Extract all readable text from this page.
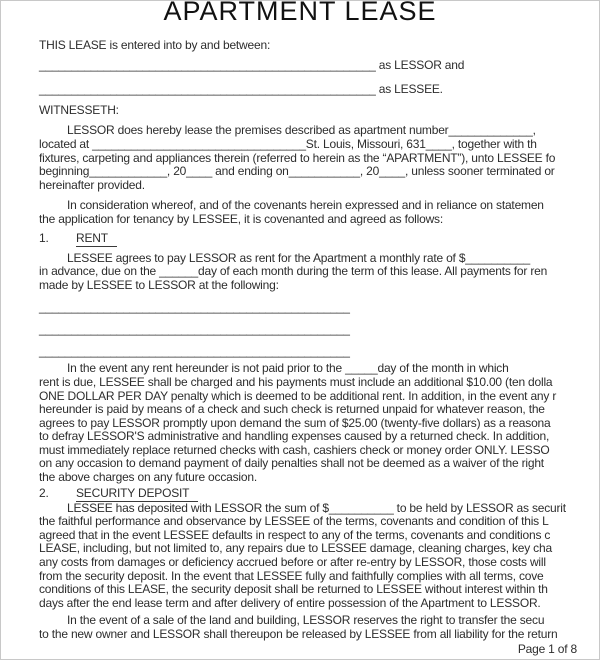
APARTMENT LEASE
THIS LEASE is entered into by and between:
____________________________________________________ as LESSOR and
____________________________________________________ as LESSEE.
WITNESSETH:
LESSOR does hereby lease the premises described as apartment number_____________,
located at _________________________________St. Louis, Missouri, 631____, together with th
fixtures, carpeting and appliances therein (referred to herein as the “APARTMENT”), unto LESSEE fo
beginning____________, 20____ and ending on___________, 20____, unless sooner terminated or
hereinafter provided.
In consideration whereof, and of the covenants herein expressed and in reliance on statemen
the application for tenancy by LESSEE, it is covenanted and agreed as follows:
1. RENT
LESSEE agrees to pay LESSOR as rent for the Apartment a monthly rate of $__________
in advance, due on the ______day of each month during the term of this lease. All payments for ren
made by LESSEE to LESSOR at the following:
________________________________________________
________________________________________________
________________________________________________
In the event any rent hereunder is not paid prior to the _____day of the month in which
rent is due, LESSEE shall be charged and his payments must include an additional $10.00 (ten dolla
ONE DOLLAR PER DAY penalty which is deemed to be additional rent. In addition, in the event any r
hereunder is paid by means of a check and such check is returned unpaid for whatever reason, the
agrees to pay LESSOR promptly upon demand the sum of $25.00 (twenty-five dollars) as a reasona
to defray LESSOR'S administrative and handling expenses caused by a returned check. In addition,
must immediately replace returned checks with cash, cashiers check or money order ONLY. LESSO
on any occasion to demand payment of daily penalties shall not be deemed as a waiver of the right
the above charges on any future occasion.
2. SECURITY DEPOSIT
LESSEE has deposited with LESSOR the sum of $__________ to be held by LESSOR as securit
the faithful performance and observance by LESSEE of the terms, covenants and condition of this L
agreed that in the event LESSEE defaults in respect to any of the terms, covenants and conditions c
LEASE, including, but not limited to, any repairs due to LESSEE damage, cleaning charges, key cha
any costs from damages or deficiency accrued before or after re-entry by LESSOR, those costs will
from the security deposit. In the event that LESSEE fully and faithfully complies with all terms, cove
conditions of this LEASE, the security deposit shall be returned to LESSEE without interest within th
days after the end lease term and after delivery of entire possession of the Apartment to LESSOR.
In the event of a sale of the land and building, LESSOR reserves the right to transfer the secu
to the new owner and LESSOR shall thereupon be released by LESSEE from all liability for the return
Page 1 of 8
